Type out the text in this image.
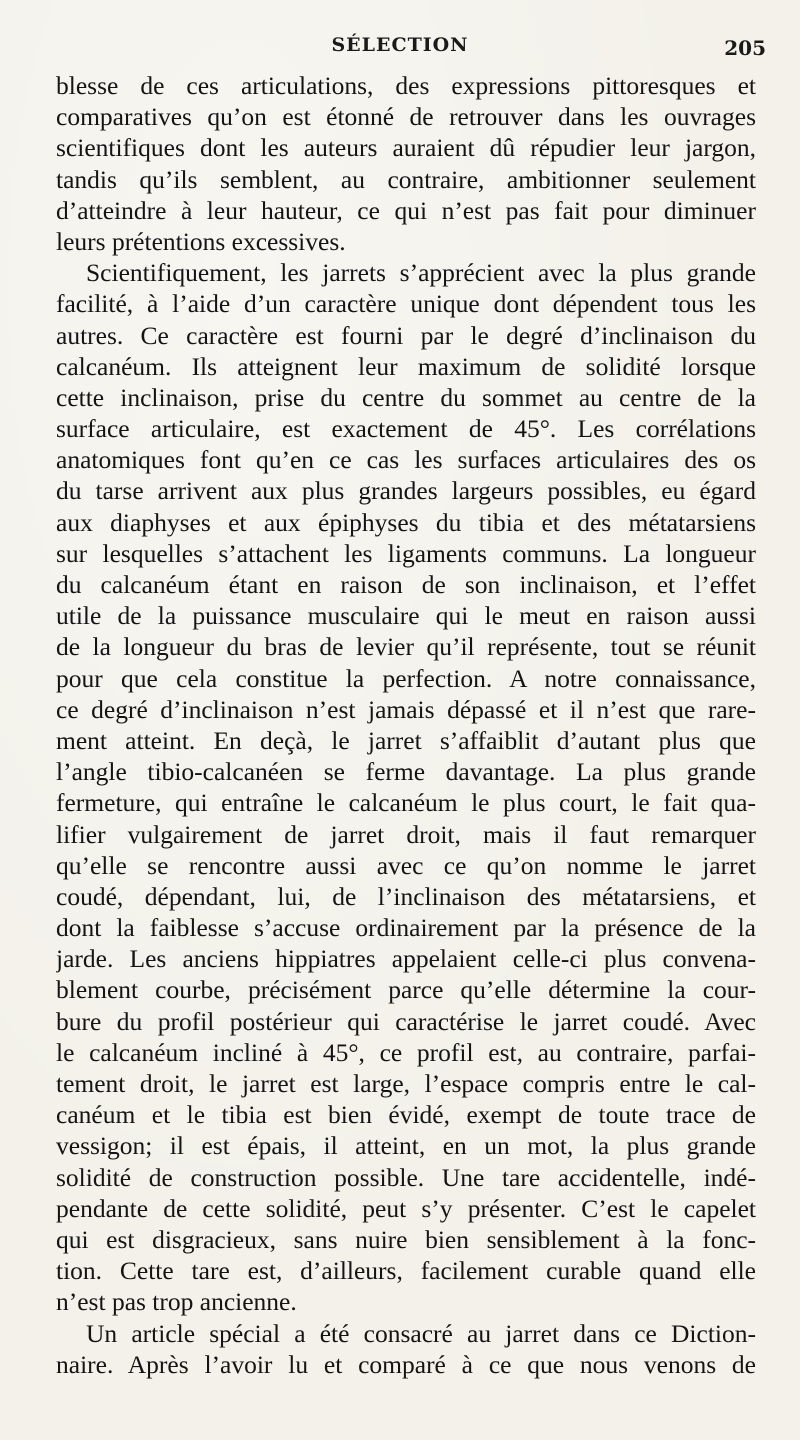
SÉLECTION	205
blesse de ces articulations, des expressions pittoresques et
comparatives qu’on est étonné de retrouver dans les ouvrages
scientifiques dont les auteurs auraient dû répudier leur jargon,
tandis qu’ils semblent, au contraire, ambitionner seulement
d’atteindre à leur hauteur, ce qui n’est pas fait pour diminuer
leurs prétentions excessives.
Scientifiquement, les jarrets s’apprécient avec la plus grande
facilité, à l’aide d’un caractère unique dont dépendent tous les
autres. Ce caractère est fourni par le degré d’inclinaison du
calcanéum. Ils atteignent leur maximum de solidité lorsque
cette inclinaison, prise du centre du sommet au centre de la
surface articulaire, est exactement de 45°. Les corrélations
anatomiques font qu’en ce cas les surfaces articulaires des os
du tarse arrivent aux plus grandes largeurs possibles, eu égard
aux diaphyses et aux épiphyses du tibia et des métatarsiens
sur lesquelles s’attachent les ligaments communs. La longueur
du calcanéum étant en raison de son inclinaison, et l’effet
utile de la puissance musculaire qui le meut en raison aussi
de la longueur du bras de levier qu’il représente, tout se réunit
pour que cela constitue la perfection. A notre connaissance,
ce degré d’inclinaison n’est jamais dépassé et il n’est que rare-
ment atteint. En deçà, le jarret s’affaiblit d’autant plus que
l’angle tibio-calcanéen se ferme davantage. La plus grande
fermeture, qui entraîne le calcanéum le plus court, le fait qua-
lifier vulgairement de jarret droit, mais il faut remarquer
qu’elle se rencontre aussi avec ce qu’on nomme le jarret
coudé, dépendant, lui, de l’inclinaison des métatarsiens, et
dont la faiblesse s’accuse ordinairement par la présence de la
jarde. Les anciens hippiatres appelaient celle-ci plus convena-
blement courbe, précisément parce qu’elle détermine la cour-
bure du profil postérieur qui caractérise le jarret coudé. Avec
le calcanéum incliné à 45°, ce profil est, au contraire, parfai-
tement droit, le jarret est large, l’espace compris entre le cal-
canéum et le tibia est bien évidé, exempt de toute trace de
vessigon; il est épais, il atteint, en un mot, la plus grande
solidité de construction possible. Une tare accidentelle, indé-
pendante de cette solidité, peut s’y présenter. C’est le capelet
qui est disgracieux, sans nuire bien sensiblement à la fonc-
tion. Cette tare est, d’ailleurs, facilement curable quand elle
n’est pas trop ancienne.
Un article spécial a été consacré au jarret dans ce Diction-
naire. Après l’avoir lu et comparé à ce que nous venons de
